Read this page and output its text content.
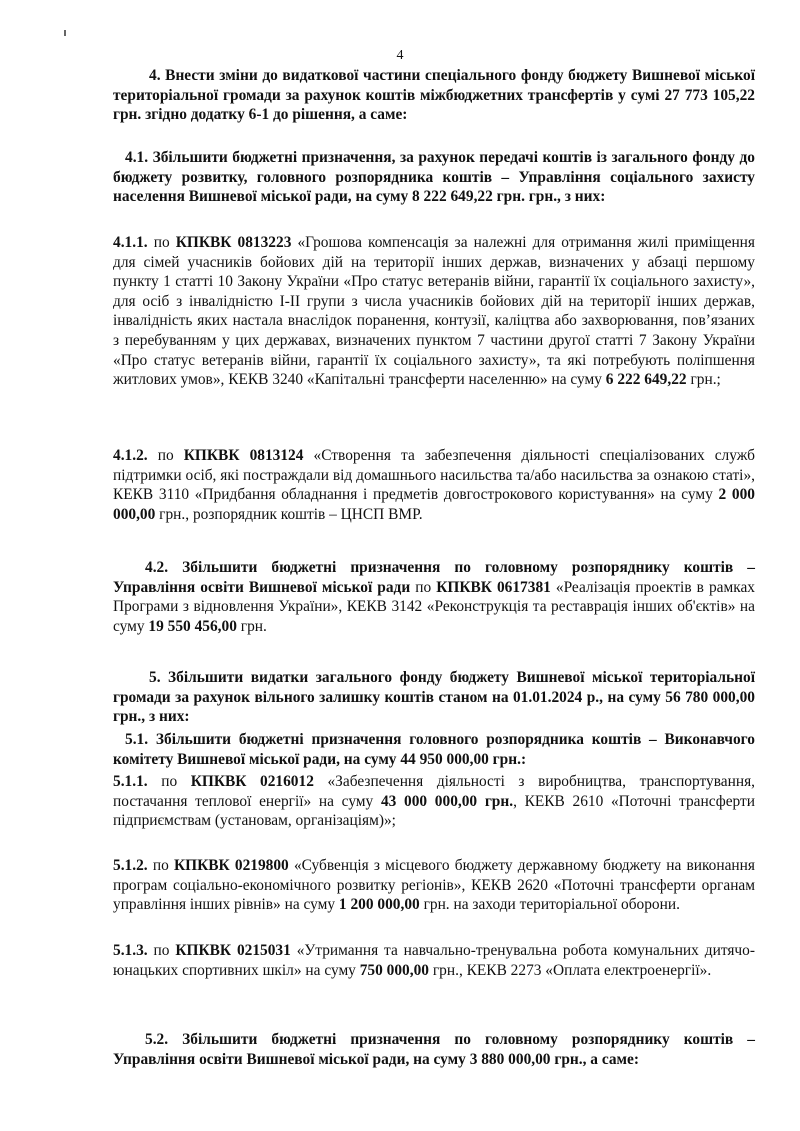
4

4. Внести зміни до видаткової частини спеціального фонду бюджету Вишневої міської територіальної громади за рахунок коштів міжбюджетних трансфертів у сумі 27 773 105,22 грн. згідно додатку 6-1 до рішення, а саме:

4.1. Збільшити бюджетні призначення, за рахунок передачі коштів із загального фонду до бюджету розвитку, головного розпорядника коштів – Управління соціального захисту населення Вишневої міської ради, на суму 8 222 649,22 грн. грн., з них:

4.1.1. по КПКВК 0813223 «Грошова компенсація за належні для отримання жилі приміщення для сімей учасників бойових дій на території інших держав, визначених у абзаці першому пункту 1 статті 10 Закону України «Про статус ветеранів війни, гарантії їх соціального захисту», для осіб з інвалідністю I-II групи з числа учасників бойових дій на території інших держав, інвалідність яких настала внаслідок поранення, контузії, каліцтва або захворювання, пов’язаних з перебуванням у цих державах, визначених пунктом 7 частини другої статті 7 Закону України «Про статус ветеранів війни, гарантії їх соціального захисту», та які потребують поліпшення житлових умов», КЕКВ 3240 «Капітальні трансферти населенню» на суму 6 222 649,22 грн.;

4.1.2. по КПКВК 0813124 «Створення та забезпечення діяльності спеціалізованих служб підтримки осіб, які постраждали від домашнього насильства та/або насильства за ознакою статі», КЕКВ 3110 «Придбання обладнання і предметів довгострокового користування» на суму 2 000 000,00 грн., розпорядник коштів – ЦНСП ВМР.

4.2. Збільшити бюджетні призначення по головному розпоряднику коштів – Управління освіти Вишневої міської ради по КПКВК 0617381 «Реалізація проектів в рамках Програми з відновлення України», КЕКВ 3142 «Реконструкція та реставрація інших об'єктів» на суму 19 550 456,00 грн.

5. Збільшити видатки загального фонду бюджету Вишневої міської територіальної громади за рахунок вільного залишку коштів станом на 01.01.2024 р., на суму 56 780 000,00 грн., з них:

5.1. Збільшити бюджетні призначення головного розпорядника коштів – Виконавчого комітету Вишневої міської ради, на суму 44 950 000,00 грн.:

5.1.1. по КПКВК 0216012 «Забезпечення діяльності з виробництва, транспортування, постачання теплової енергії» на суму 43 000 000,00 грн., КЕКВ 2610 «Поточні трансферти підприємствам (установам, організаціям)»;

5.1.2. по КПКВК 0219800 «Субвенція з місцевого бюджету державному бюджету на виконання програм соціально-економічного розвитку регіонів», КЕКВ 2620 «Поточні трансферти органам управління інших рівнів» на суму 1 200 000,00 грн. на заходи територіальної оборони.

5.1.3. по КПКВК 0215031 «Утримання та навчально-тренувальна робота комунальних дитячо-юнацьких спортивних шкіл» на суму 750 000,00 грн., КЕКВ 2273 «Оплата електроенергії».

5.2. Збільшити бюджетні призначення по головному розпоряднику коштів – Управління освіти Вишневої міської ради, на суму 3 880 000,00 грн., а саме:
